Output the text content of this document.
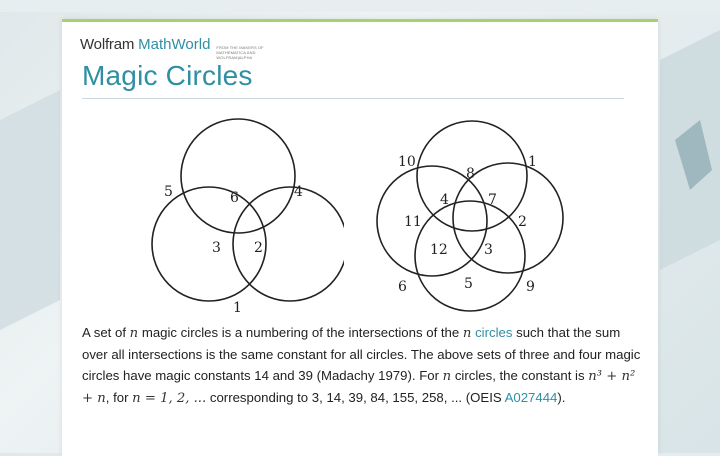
Wolfram MathWorld FROM THE MAKERS OF MATHEMATICA AND WOLFRAM|ALPHA
Magic Circles
5	6	4
3 2
1
10
8
1
4	7
11	2
12	3
6	5	9
A set of n magic circles is a numbering of the intersections of the n circles such that the sum over all intersections is the same constant for all circles. The above sets of three and four magic circles have magic constants 14 and 39 (Madachy 1979). For n circles, the constant is n³ + n² + n, for n = 1, 2, ... corresponding to 3, 14, 39, 84, 155, 258, ... (OEIS A027444).
